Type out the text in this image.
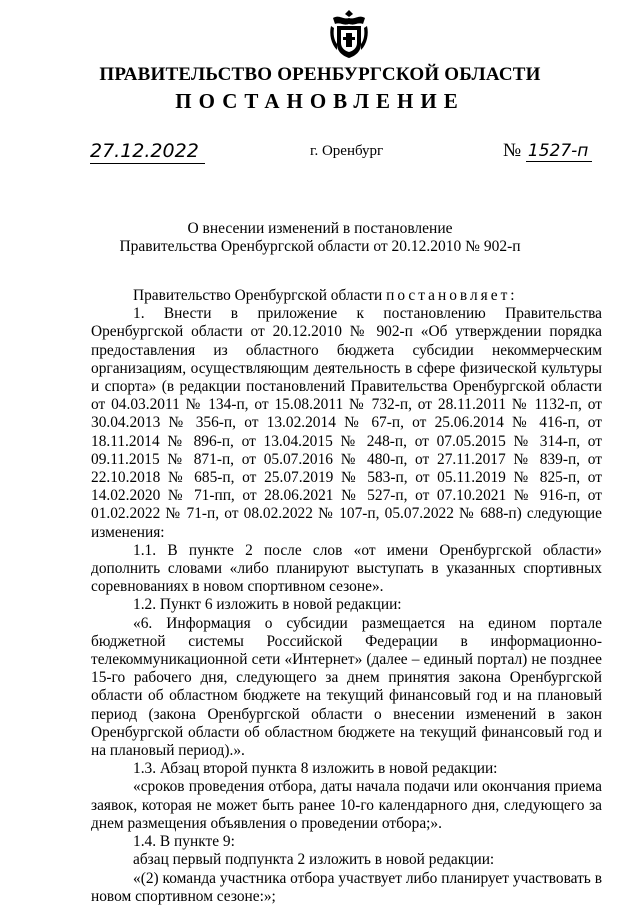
ПРАВИТЕЛЬСТВО ОРЕНБУРГСКОЙ ОБЛАСТИ
ПОСТАНОВЛЕНИЕ
27.12.2022	г. Оренбург	№ 1527-п
О внесении изменений в постановление
Правительства Оренбургской области от 20.12.2010 № 902-п

Правительство Оренбургской области постановляет:

1. Внести в приложение к постановлению Правительства Оренбургской области от 20.12.2010 № 902-п «Об утверждении порядка предоставления из областного бюджета субсидии некоммерческим организациям, осуществляющим деятельность в сфере физической культуры и спорта» (в редакции постановлений Правительства Оренбургской области от 04.03.2011 № 134-п, от 15.08.2011 № 732-п, от 28.11.2011 № 1132-п, от 30.04.2013 № 356-п, от 13.02.2014 № 67-п, от 25.06.2014 № 416-п, от 18.11.2014 № 896-п, от 13.04.2015 № 248-п, от 07.05.2015 № 314-п, от 09.11.2015 № 871-п, от 05.07.2016 № 480-п, от 27.11.2017 № 839-п, от 22.10.2018 № 685-п, от 25.07.2019 № 583-п, от 05.11.2019 № 825-п, от 14.02.2020 № 71-пп, от 28.06.2021 № 527-п, от 07.10.2021 № 916-п, от 01.02.2022 № 71-п, от 08.02.2022 № 107-п, 05.07.2022 № 688-п) следующие изменения:

1.1. В пункте 2 после слов «от имени Оренбургской области» дополнить словами «либо планируют выступать в указанных спортивных соревнованиях в новом спортивном сезоне».

1.2. Пункт 6 изложить в новой редакции:

«6. Информация о субсидии размещается на едином портале бюджетной системы Российской Федерации в информационно-телекоммуникационной сети «Интернет» (далее – единый портал) не позднее 15-го рабочего дня, следующего за днем принятия закона Оренбургской области об областном бюджете на текущий финансовый год и на плановый период (закона Оренбургской области о внесении изменений в закон Оренбургской области об областном бюджете на текущий финансовый год и на плановый период).».

1.3. Абзац второй пункта 8 изложить в новой редакции:

«сроков проведения отбора, даты начала подачи или окончания приема заявок, которая не может быть ранее 10-го календарного дня, следующего за днем размещения объявления о проведении отбора;».

1.4. В пункте 9:

абзац первый подпункта 2 изложить в новой редакции:

«(2) команда участника отбора участвует либо планирует участвовать в новом спортивном сезоне:»;
